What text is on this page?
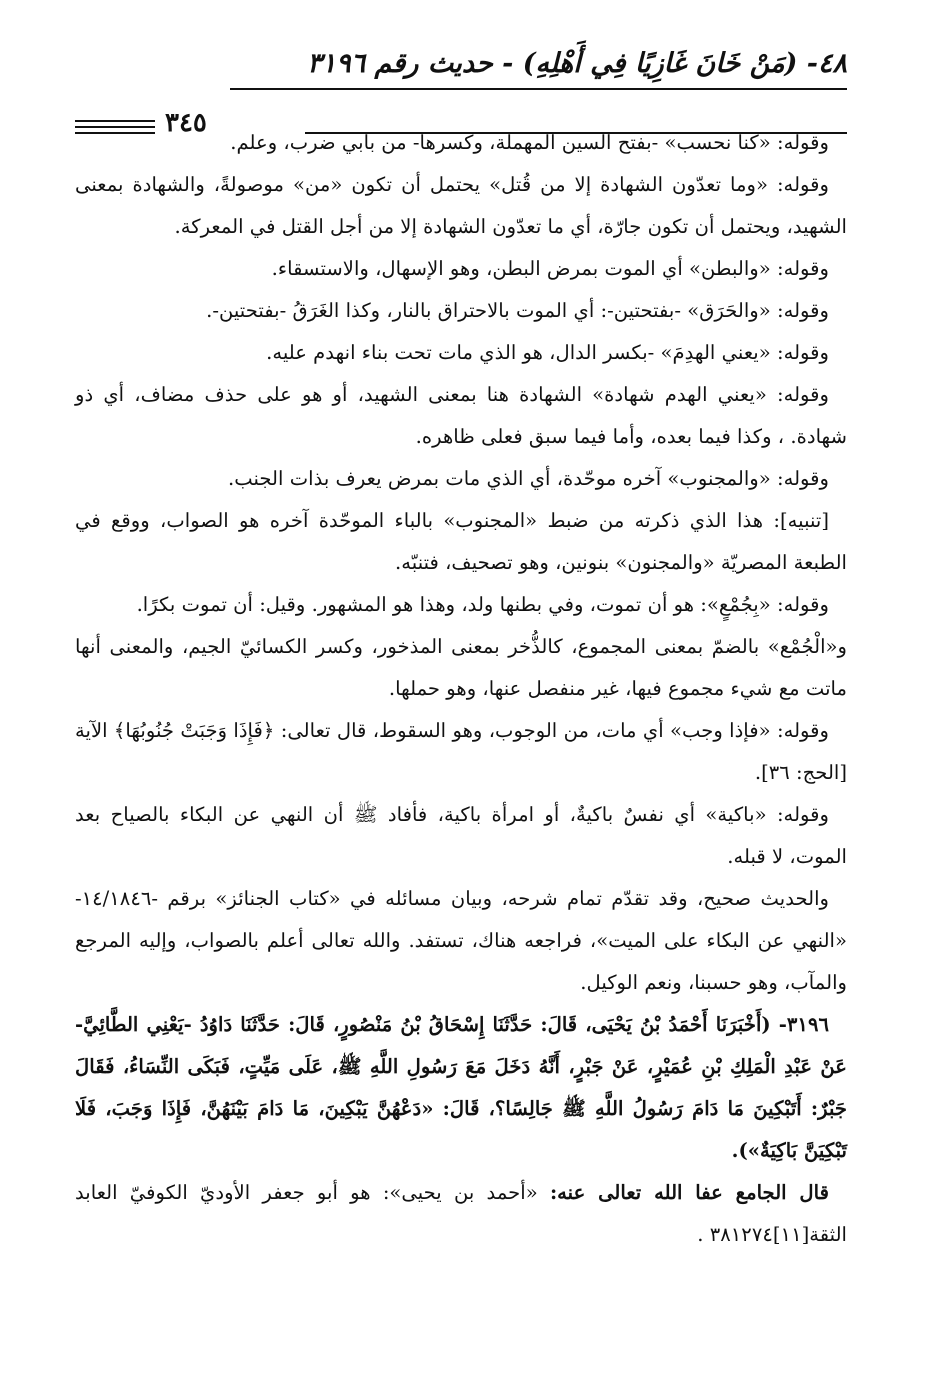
٤٨- (مَنْ خَانَ غَازِيًا فِي أَهْلِهِ) - حديث رقم ٣١٩٦
٣٤٥

وقوله: «كنا نحسب» -بفتح السين المهملة، وكسرها- من بابي ضرب، وعلم.

وقوله: «وما تعدّون الشهادة إلا من قُتل» يحتمل أن تكون «من» موصولةً، والشهادة بمعنى الشهيد، ويحتمل أن تكون جارّة، أي ما تعدّون الشهادة إلا من أجل القتل في المعركة.

وقوله: «والبطن» أي الموت بمرض البطن، وهو الإسهال، والاستسقاء.

وقوله: «والحَرَق» -بفتحتين-: أي الموت بالاحتراق بالنار، وكذا الغَرَقُ -بفتحتين-.

وقوله: «يعني الهدِمَ» -بكسر الدال، هو الذي مات تحت بناء انهدم عليه.

وقوله: «يعني الهدم شهادة» الشهادة هنا بمعنى الشهيد، أو هو على حذف مضاف، أي ذو شهادة. ، وكذا فيما بعده، وأما فيما سبق فعلى ظاهره.

وقوله: «والمجنوب» آخره موحّدة، أي الذي مات بمرض يعرف بذات الجنب.

[تنبيه]: هذا الذي ذكرته من ضبط «المجنوب» بالباء الموحّدة آخره هو الصواب، ووقع في الطبعة المصريّة «والمجنون» بنونين، وهو تصحيف، فتنبّه.

وقوله: «بِجُمْعٍ»: هو أن تموت، وفي بطنها ولد، وهذا هو المشهور. وقيل: أن تموت بكرًا.

و«الْجُمْع» بالضمّ بمعنى المجموع، كالذُّخر بمعنى المذخور، وكسر الكسائيّ الجيم، والمعنى أنها ماتت مع شيء مجموع فيها، غير منفصل عنها، وهو حملها.

وقوله: «فإذا وجب» أي مات، من الوجوب، وهو السقوط، قال تعالى: ﴿فَإِذَا وَجَبَتْ جُنُوبُهَا﴾ الآية [الحج: ٣٦].

وقوله: «باكية» أي نفسٌ باكيةٌ، أو امرأة باكية، فأفاد ﷺ أن النهي عن البكاء بالصياح بعد الموت، لا قبله.

والحديث صحيح، وقد تقدّم تمام شرحه، وبيان مسائله في «كتاب الجنائز» برقم -١٤/١٨٤٦- «النهي عن البكاء على الميت»، فراجعه هناك، تستفد. والله تعالى أعلم بالصواب، وإليه المرجع والمآب، وهو حسبنا، ونعم الوكيل.

٣١٩٦- (أَخْبَرَنَا أَحْمَدُ بْنُ يَحْيَى، قَالَ: حَدَّثَنَا إِسْحَاقُ بْنُ مَنْصُورٍ، قَالَ: حَدَّثَنَا دَاوُدُ -يَعْنِي الطَّائِيَّ- عَنْ عَبْدِ الْمَلِكِ بْنِ عُمَيْرٍ، عَنْ جَبْرٍ، أَنَّهُ دَخَلَ مَعَ رَسُولِ اللَّهِ ﷺ، عَلَى مَيِّتٍ، فَبَكَى النِّسَاءُ، فَقَالَ جَبْرٌ: أَتَبْكِينَ مَا دَامَ رَسُولُ اللَّهِ ﷺ جَالِسًا؟، قَالَ: «دَعْهُنَّ يَبْكِينَ، مَا دَامَ بَيْنَهُنَّ، فَإِذَا وَجَبَ، فَلَا تَبْكِيَنَّ بَاكِيَةٌ»).

قال الجامع عفا الله تعالى عنه: «أحمد بن يحيى»: هو أبو جعفر الأوديّ الكوفيّ العابد الثقة[١١]٣٨١٢٧٤ .
